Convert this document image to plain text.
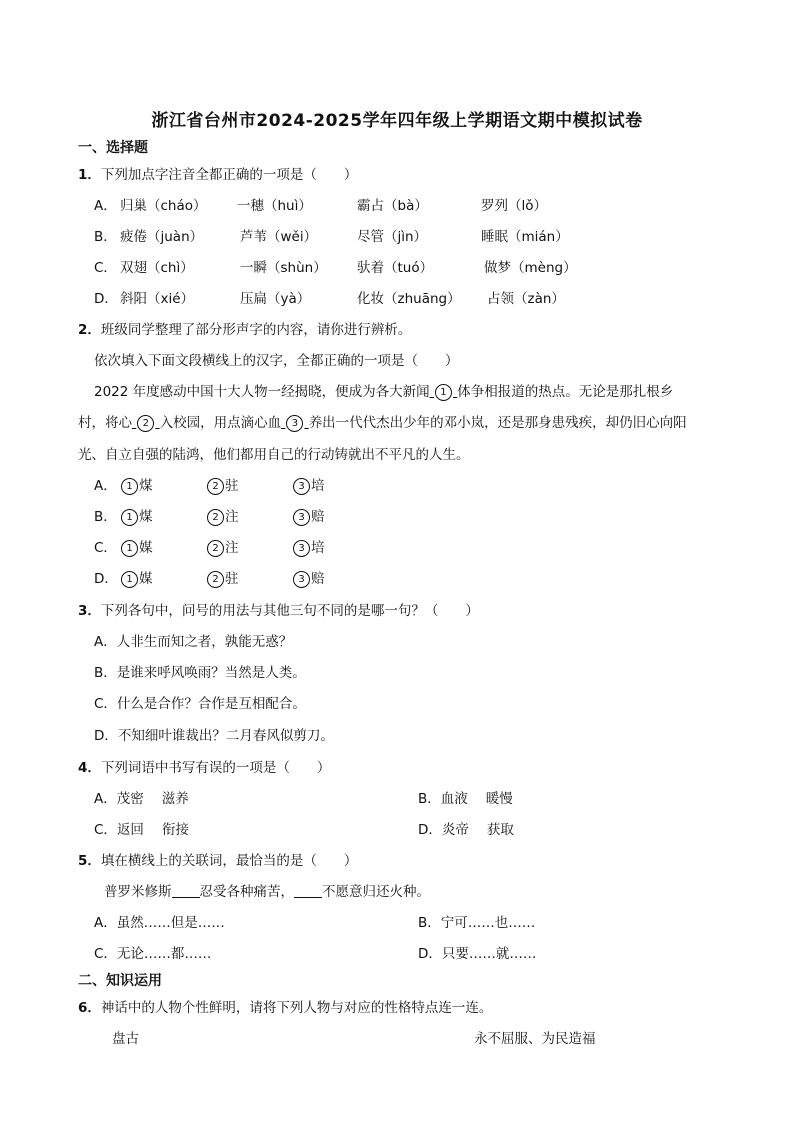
浙江省台州市2024-2025学年四年级上学期语文期中模拟试卷
一、选择题
1．下列加点字注音全都正确的一项是（　　）
A． 归巢（cháo） 一穗（huì）	霸占（bà）	罗列（lǒ）
B． 疲倦（juàn）	芦苇（wěi）	尽管（jìn）	睡眠（mián）
C． 双翅（chì）	一瞬（shùn） 驮着（tuó）	做梦（mèng）
D． 斜阳（xié）	压扁（yà）	化妆（zhuāng） 占领（zàn）
2．班级同学整理了部分形声字的内容，请你进行辨析。
依次填入下面文段横线上的汉字，全都正确的一项是（　　）
2022 年度感动中国十大人物一经揭晓，便成为各大新闻 1 体争相报道的热点。无论是那扎根乡
村，将心 2 入校园，用点滴心血 3 养出一代代杰出少年的邓小岚，还是那身患残疾，却仍旧心向阳
光、自立自强的陆鸿，他们都用自己的行动铸就出不平凡的人生。
A． 1 煤	2 驻	3 培
B． 1 煤	2 注	3 赔
C． 1 媒	2 注	3 培
D． 1 媒	2 驻	3 赔
3．下列各句中，问号的用法与其他三句不同的是哪一句？（　　）
A．人非生而知之者，孰能无惑？
B．是谁来呼风唤雨？当然是人类。
C．什么是合作？合作是互相配合。
D．不知细叶谁裁出？二月春风似剪刀。
4．下列词语中书写有误的一项是（　　）
A．茂密 滋养	B．血液 暖慢
C．返回 衔接	D．炎帝 获取
5．填在横线上的关联词，最恰当的是（　　）
普罗米修斯 忍受各种痛苦， 不愿意归还火种。
A．虽然……但是……	B．宁可……也……
C．无论……都……	D．只要……就……
二、知识运用
6．神话中的人物个性鲜明，请将下列人物与对应的性格特点连一连。
盘古	永不屈服、为民造福
